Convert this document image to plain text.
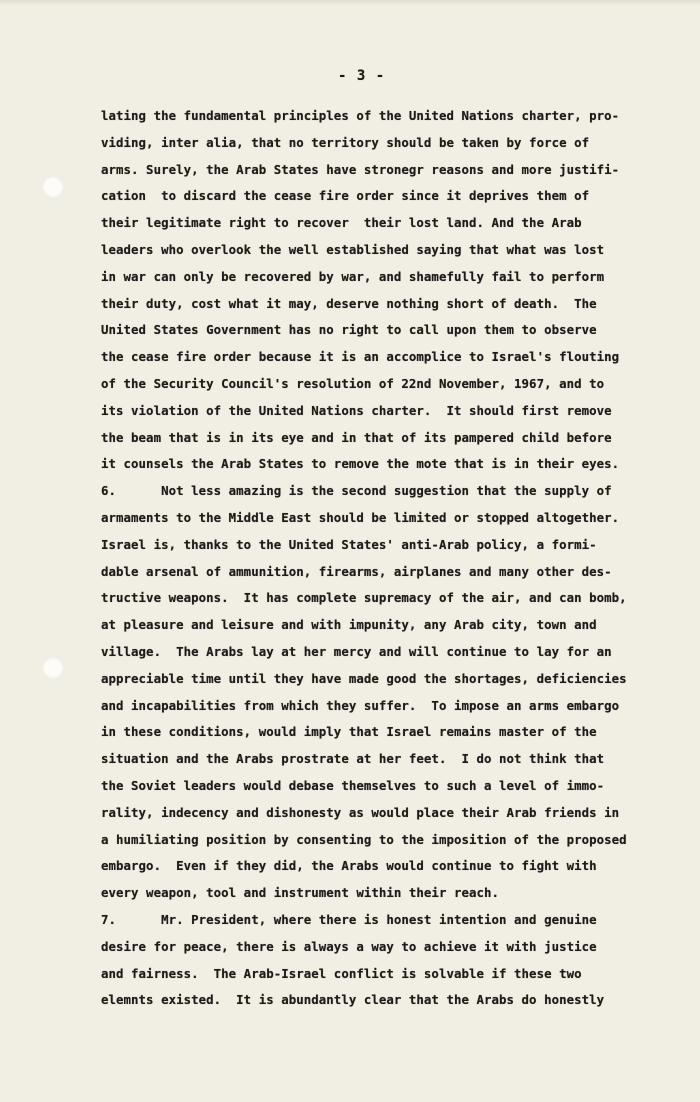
- 3 -
lating the fundamental principles of the United Nations charter, pro-
viding, inter alia, that no territory should be taken by force of
arms. Surely, the Arab States have stronegr reasons and more justifi-
cation  to discard the cease fire order since it deprives them of
their legitimate right to recover  their lost land. And the Arab
leaders who overlook the well established saying that what was lost
in war can only be recovered by war, and shamefully fail to perform
their duty, cost what it may, deserve nothing short of death.  The
United States Government has no right to call upon them to observe
the cease fire order because it is an accomplice to Israel's flouting
of the Security Council's resolution of 22nd November, 1967, and to
its violation of the United Nations charter.  It should first remove
the beam that is in its eye and in that of its pampered child before
it counsels the Arab States to remove the mote that is in their eyes.
6.      Not less amazing is the second suggestion that the supply of
armaments to the Middle East should be limited or stopped altogether.
Israel is, thanks to the United States' anti-Arab policy, a formi-
dable arsenal of ammunition, firearms, airplanes and many other des-
tructive weapons.  It has complete supremacy of the air, and can bomb,
at pleasure and leisure and with impunity, any Arab city, town and
village.  The Arabs lay at her mercy and will continue to lay for an
appreciable time until they have made good the shortages, deficiencies
and incapabilities from which they suffer.  To impose an arms embargo
in these conditions, would imply that Israel remains master of the
situation and the Arabs prostrate at her feet.  I do not think that
the Soviet leaders would debase themselves to such a level of immo-
rality, indecency and dishonesty as would place their Arab friends in
a humiliating position by consenting to the imposition of the proposed
embargo.  Even if they did, the Arabs would continue to fight with
every weapon, tool and instrument within their reach.
7.      Mr. President, where there is honest intention and genuine
desire for peace, there is always a way to achieve it with justice
and fairness.  The Arab-Israel conflict is solvable if these two
elemnts existed.  It is abundantly clear that the Arabs do honestly
